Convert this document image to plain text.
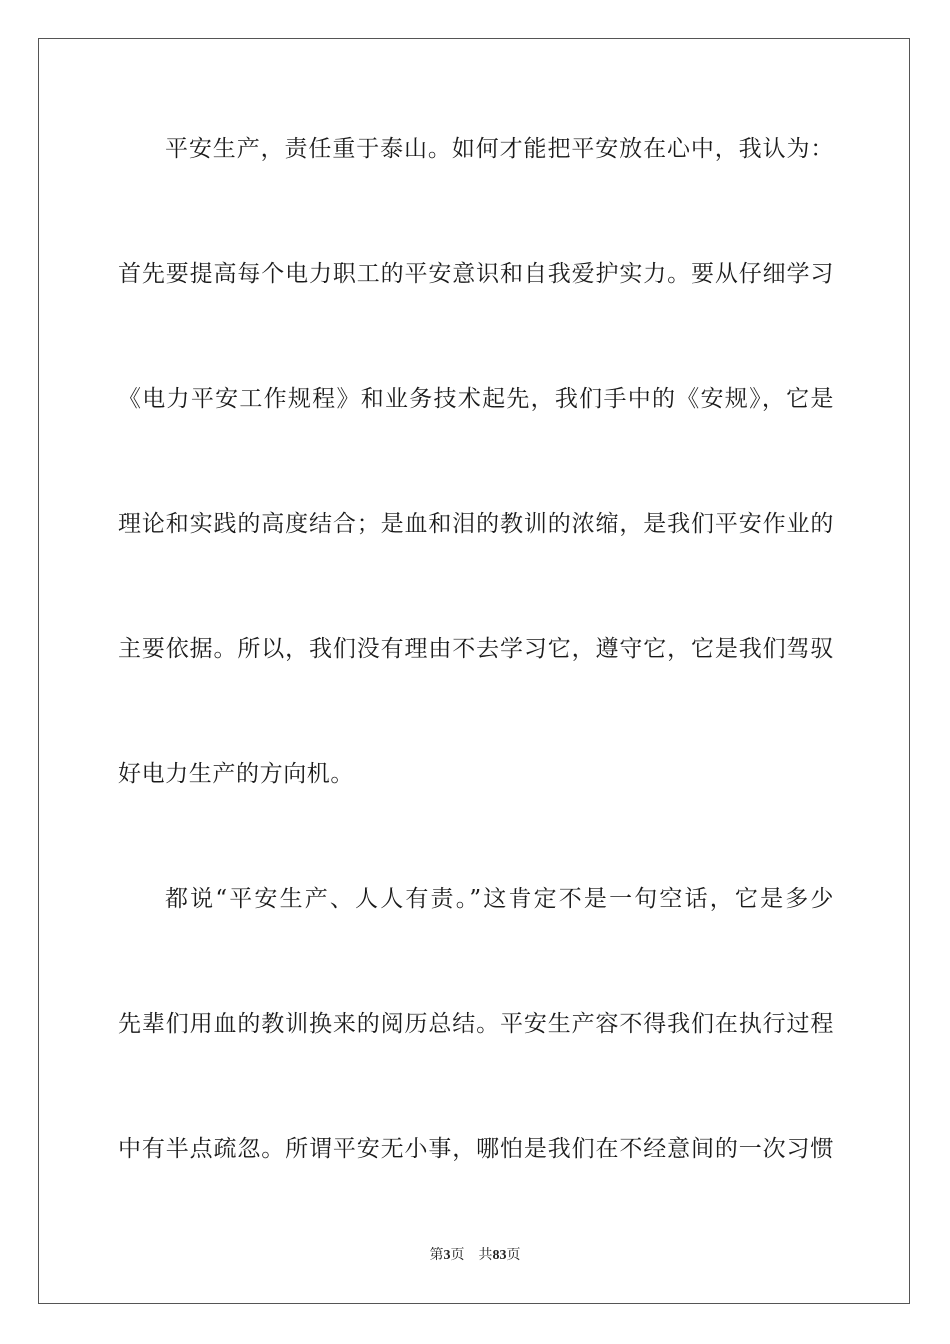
平安生产，责任重于泰山。如何才能把平安放在心中，我认为：
首先要提高每个电力职工的平安意识和自我爱护实力。要从仔细学习
《电力平安工作规程》和业务技术起先，我们手中的《安规》，它是
理论和实践的高度结合；是血和泪的教训的浓缩，是我们平安作业的
主要依据。所以，我们没有理由不去学习它，遵守它，它是我们驾驭
好电力生产的方向机。
都说“平安生产、人人有责。”这肯定不是一句空话，它是多少
先辈们用血的教训换来的阅历总结。平安生产容不得我们在执行过程
中有半点疏忽。所谓平安无小事，哪怕是我们在不经意间的一次习惯
第3页 共83页
